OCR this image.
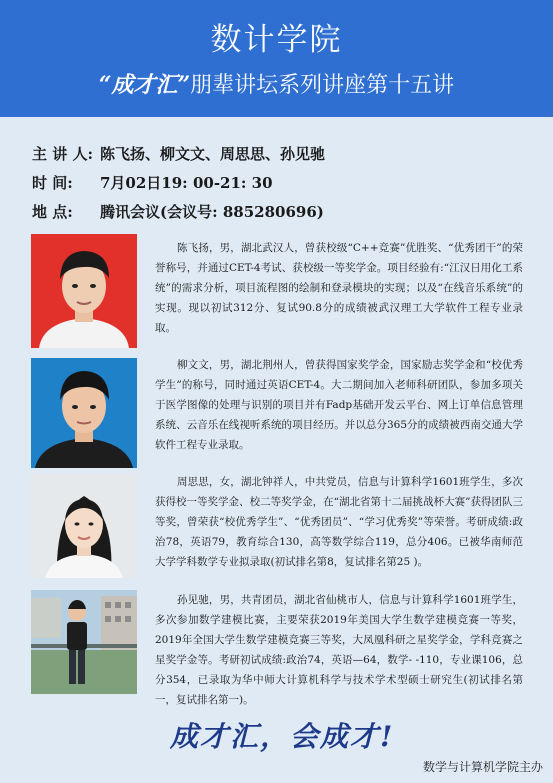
数计学院
“成才汇”朋辈讲坛系列讲座第十五讲
主 讲 人: 陈飞扬、柳文文、周思思、孙见驰
时 间: 7月02日19: 00-21: 30
地 点: 腾讯会议(会议号: 885280696)
陈飞扬，男，湖北武汉人，曾获校级“C++竞赛”优胜奖、“优秀团干”的荣誉称号，并通过CET-4考试、获校级一等奖学金。项目经验有:“江汉日用化工系统”的需求分析，项目流程图的绘制和登录模块的实现；以及“在线音乐系统”的实现。现以初试312分、复试90.8分的成绩被武汉理工大学软件工程专业录取。
柳文文，男，湖北荆州人，曾获得国家奖学金，国家励志奖学金和“校优秀学生”的称号，同时通过英语CET-4。大二期间加入老师科研团队，参加多项关于医学图像的处理与识别的项目并有Fadp基础开发云平台、网上订单信息管理系统、云音乐在线视听系统的项目经历。并以总分365分的成绩被西南交通大学软件工程专业录取。
周思思，女，湖北钟祥人，中共党员，信息与计算科学1601班学生，多次获得校一等奖学金、校二等奖学金，在“湖北省第十二届挑战杯大赛”获得团队三等奖，曾荣获“校优秀学生”、“优秀团员”、“学习优秀奖”等荣誉。考研成绩:政治78，英语79，教育综合130，高等数学综合119，总分406。已被华南师范大学学科数学专业拟录取(初试排名第8，复试排名第25 )。
孙见驰，男，共青团员，湖北省仙桃市人，信息与计算科学1601班学生，多次参加数学建模比赛，主要荣获2019年美国大学生数学建模竞赛一等奖，2019年全国大学生数学建模竞赛三等奖，大凤凰科研之星奖学金，学科竞赛之星奖学金等。考研初试成绩:政治74，英语—64，数学- -110，专业课106，总分354，已录取为华中师大计算机科学与技术学术型硕士研究生(初试排名第一，复试排名第一)。
成才汇，会成才!
数学与计算机学院主办
